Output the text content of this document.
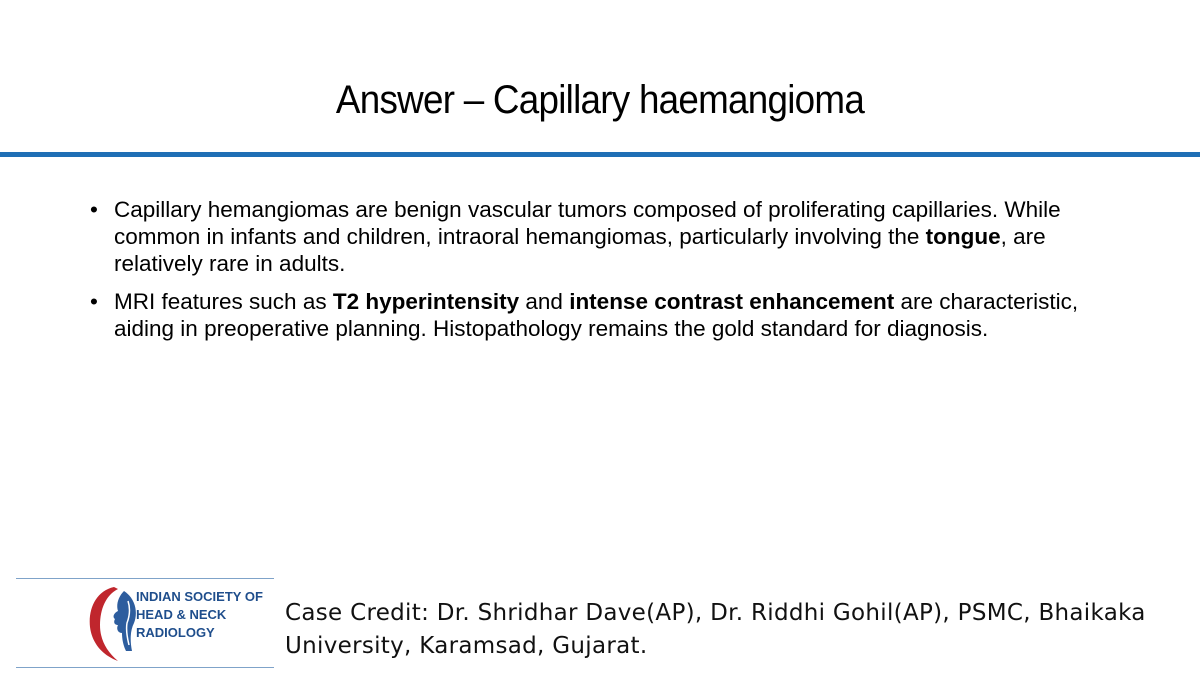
Answer – Capillary haemangioma
• Capillary hemangiomas are benign vascular tumors composed of proliferating capillaries. While common in infants and children, intraoral hemangiomas, particularly involving the tongue, are relatively rare in adults.
• MRI features such as T2 hyperintensity and intense contrast enhancement are characteristic, aiding in preoperative planning. Histopathology remains the gold standard for diagnosis.
INDIAN SOCIETY OF
HEAD & NECK
RADIOLOGY
Case Credit: Dr. Shridhar Dave(AP), Dr. Riddhi Gohil(AP), PSMC, Bhaikaka University, Karamsad, Gujarat.
